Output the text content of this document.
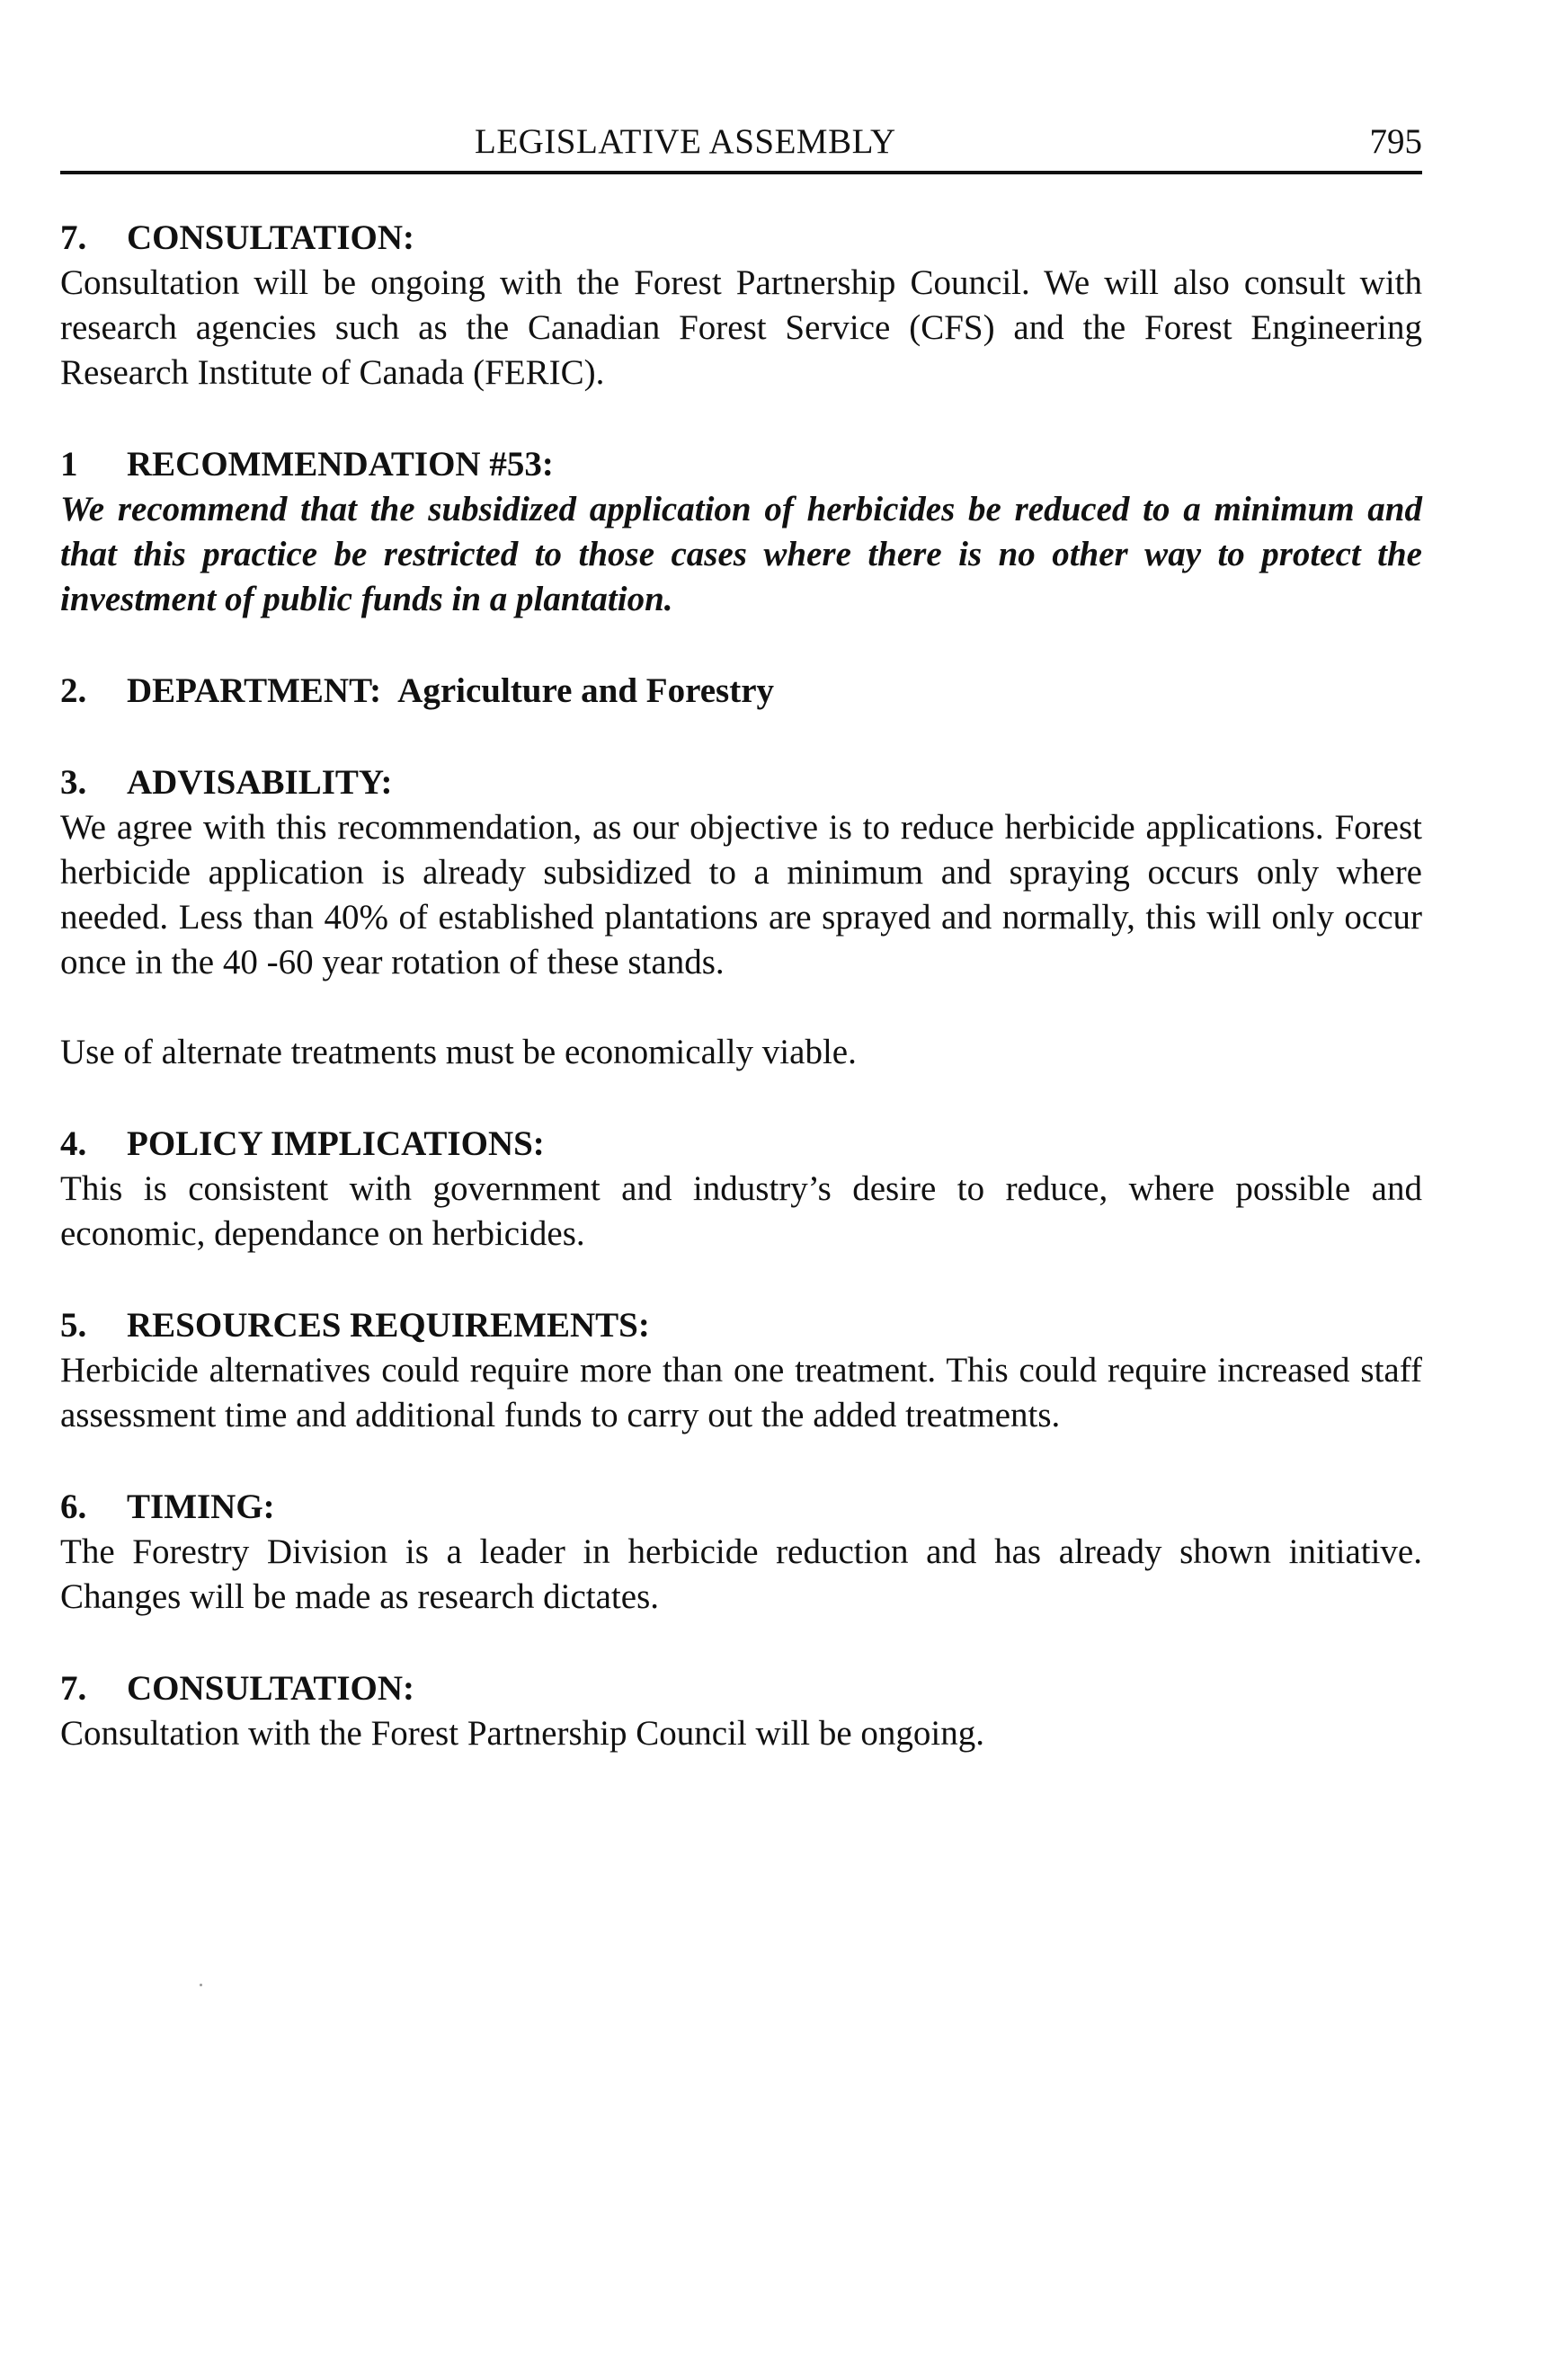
LEGISLATIVE ASSEMBLY	795

7. CONSULTATION:

Consultation will be ongoing with the Forest Partnership Council. We will also consult with research agencies such as the Canadian Forest Service (CFS) and the Forest Engineering Research Institute of Canada (FERIC).

1 RECOMMENDATION #53:

We recommend that the subsidized application of herbicides be reduced to a minimum and that this practice be restricted to those cases where there is no other way to protect the investment of public funds in a plantation.

2. DEPARTMENT: Agriculture and Forestry

3. ADVISABILITY:

We agree with this recommendation, as our objective is to reduce herbicide applications. Forest herbicide application is already subsidized to a minimum and spraying occurs only where needed. Less than 40% of established plantations are sprayed and normally, this will only occur once in the 40 -60 year rotation of these stands.

Use of alternate treatments must be economically viable.

4. POLICY IMPLICATIONS:

This is consistent with government and industry’s desire to reduce, where possible and economic, dependance on herbicides.

5. RESOURCES REQUIREMENTS:

Herbicide alternatives could require more than one treatment. This could require increased staff assessment time and additional funds to carry out the added treatments.

6. TIMING:

The Forestry Division is a leader in herbicide reduction and has already shown initiative. Changes will be made as research dictates.

7. CONSULTATION:

Consultation with the Forest Partnership Council will be ongoing.
